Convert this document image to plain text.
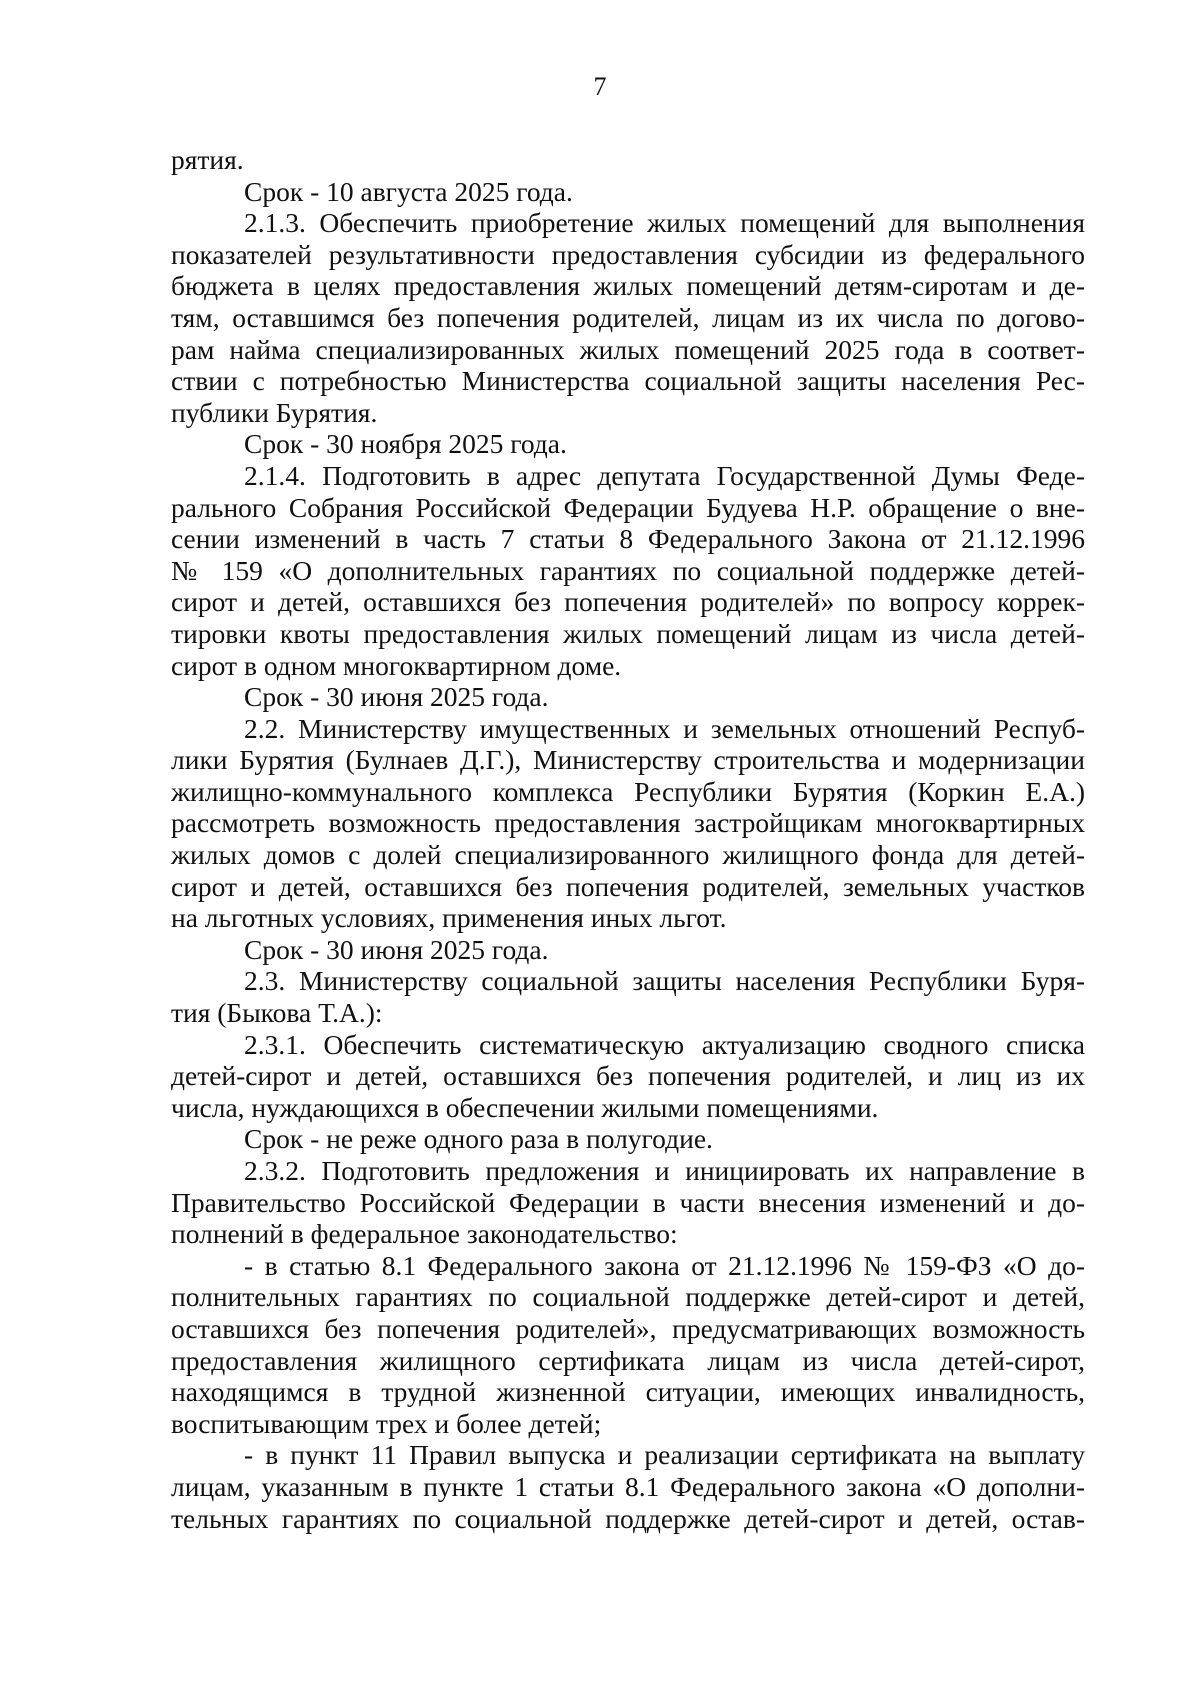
7
рятия.
Срок - 10 августа 2025 года.
2.1.3. Обеспечить приобретение жилых помещений для выполнения
показателей результативности предоставления субсидии из федерального
бюджета в целях предоставления жилых помещений детям-сиротам и де-
тям, оставшимся без попечения родителей, лицам из их числа по догово-
рам найма специализированных жилых помещений 2025 года в соответ-
ствии с потребностью Министерства социальной защиты населения Рес-
публики Бурятия.
Срок - 30 ноября 2025 года.
2.1.4. Подготовить в адрес депутата Государственной Думы Феде-
рального Собрания Российской Федерации Будуева Н.Р. обращение о вне-
сении изменений в часть 7 статьи 8 Федерального Закона от 21.12.1996
№ 159 «О дополнительных гарантиях по социальной поддержке детей-
сирот и детей, оставшихся без попечения родителей» по вопросу коррек-
тировки квоты предоставления жилых помещений лицам из числа детей-
сирот в одном многоквартирном доме.
Срок - 30 июня 2025 года.
2.2. Министерству имущественных и земельных отношений Респуб-
лики Бурятия (Булнаев Д.Г.), Министерству строительства и модернизации
жилищно-коммунального комплекса Республики Бурятия (Коркин Е.А.)
рассмотреть возможность предоставления застройщикам многоквартирных
жилых домов с долей специализированного жилищного фонда для детей-
сирот и детей, оставшихся без попечения родителей, земельных участков
на льготных условиях, применения иных льгот.
Срок - 30 июня 2025 года.
2.3. Министерству социальной защиты населения Республики Буря-
тия (Быкова Т.А.):
2.3.1. Обеспечить систематическую актуализацию сводного списка
детей-сирот и детей, оставшихся без попечения родителей, и лиц из их
числа, нуждающихся в обеспечении жилыми помещениями.
Срок - не реже одного раза в полугодие.
2.3.2. Подготовить предложения и инициировать их направление в
Правительство Российской Федерации в части внесения изменений и до-
полнений в федеральное законодательство:
- в статью 8.1 Федерального закона от 21.12.1996 № 159-ФЗ «О до-
полнительных гарантиях по социальной поддержке детей-сирот и детей,
оставшихся без попечения родителей», предусматривающих возможность
предоставления жилищного сертификата лицам из числа детей-сирот,
находящимся в трудной жизненной ситуации, имеющих инвалидность,
воспитывающим трех и более детей;
- в пункт 11 Правил выпуска и реализации сертификата на выплату
лицам, указанным в пункте 1 статьи 8.1 Федерального закона «О дополни-
тельных гарантиях по социальной поддержке детей-сирот и детей, остав-
